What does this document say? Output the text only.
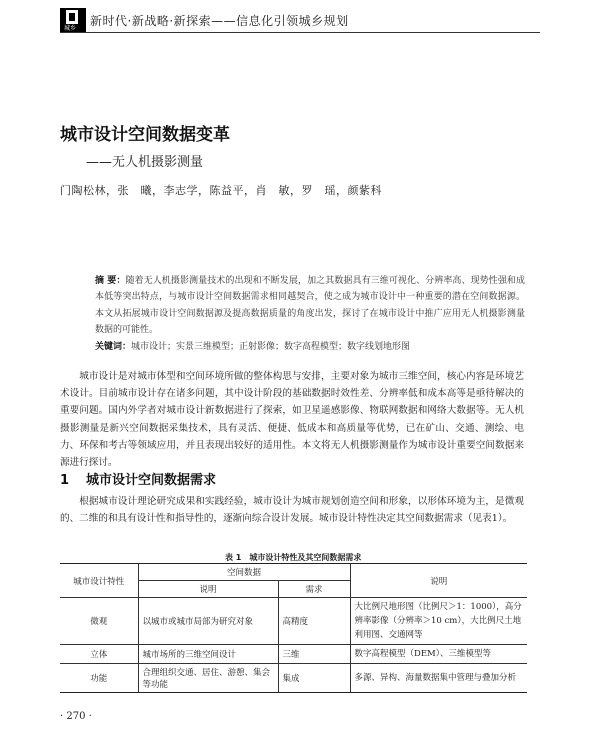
城乡
新时代·新战略·新探索——信息化引领城乡规划
城市设计空间数据变革
——无人机摄影测量
门陶松林，张　曦，李志学，陈益平，肖　敏，罗　瑶，颜紫科
摘 要：随着无人机摄影测量技术的出现和不断发展，加之其数据具有三维可视化、分辨率高、现势性强和成本低等突出特点，与城市设计空间数据需求相同越契合，使之成为城市设计中一种重要的潜在空间数据源。本文从拓展城市设计空间数据源及提高数据质量的角度出发，探讨了在城市设计中推广应用无人机摄影测量数据的可能性。
关键词：城市设计；实景三维模型；正射影像；数字高程模型；数字线划地形图
城市设计是对城市体型和空间环境所做的整体构思与安排，主要对象为城市三维空间，核心内容是环境艺术设计。目前城市设计存在诸多问题，其中设计阶段的基础数据时效性差、分辨率低和成本高等是亟待解决的重要问题。国内外学者对城市设计新数据进行了探索，如卫星遥感影像、物联网数据和网络大数据等。无人机摄影测量是新兴空间数据采集技术，具有灵活、便捷、低成本和高质量等优势，已在矿山、交通、测绘、电力、环保和考古等领域应用，并且表现出较好的适用性。本文将无人机摄影测量作为城市设计重要空间数据来源进行探讨。
1 城市设计空间数据需求
根据城市设计理论研究成果和实践经验，城市设计为城市规划创造空间和形象，以形体环境为主，是微观的、二维的和具有设计性和指导性的，逐渐向综合设计发展。城市设计特性决定其空间数据需求（见表1）。
表 1　城市设计特性及其空间数据需求
城市设计特性	空间数据		说明
	说明	需求	
微观	以城市或城市局部为研究对象	高精度	大比例尺地形图（比例尺＞1：1000），高分辨率影像（分辨率＞10 cm），大比例尺土地利用图、交通网等
立体	城市场所的三维空间设计	三维	数字高程模型（DEM）、三维模型等
功能	合理组织交通、居住、游憩、集会等功能	集成	多源、异构、海量数据集中管理与叠加分析
· 270 ·
